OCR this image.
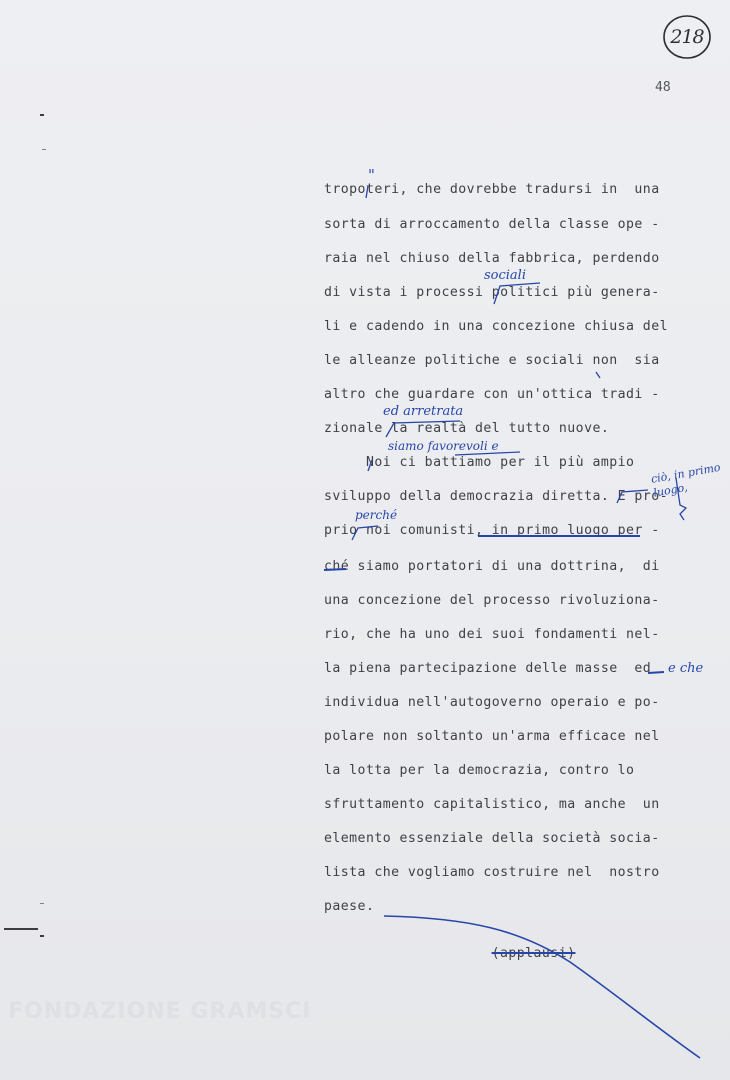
218
48
tropoteri, che dovrebbe tradursi in  una
sorta di arroccamento della classe ope -
raia nel chiuso della fabbrica, perdendo
di vista i processi politici più genera-
li e cadendo in una concezione chiusa del
le alleanze politiche e sociali non  sia
altro che guardare con un'ottica tradi -
zionale la realtà del tutto nuove.
Noi ci battiamo per il più ampio
sviluppo della democrazia diretta. E pro-
prio noi comunisti, in primo luogo per -
ché siamo portatori di una dottrina,  di
una concezione del processo rivoluziona-
rio, che ha uno dei suoi fondamenti nel-
la piena partecipazione delle masse  ed
individua nell'autogoverno operaio e po-
polare non soltanto un'arma efficace nel
la lotta per la democrazia, contro lo
sfruttamento capitalistico, ma anche  un
elemento essenziale della società socia-
lista che vogliamo costruire nel  nostro
paese.

(applausi)

"
sociali
ed arretrata
siamo favorevoli e
ciò, in primo luogo,
perché
e che
FONDAZIONE GRAMSCI
